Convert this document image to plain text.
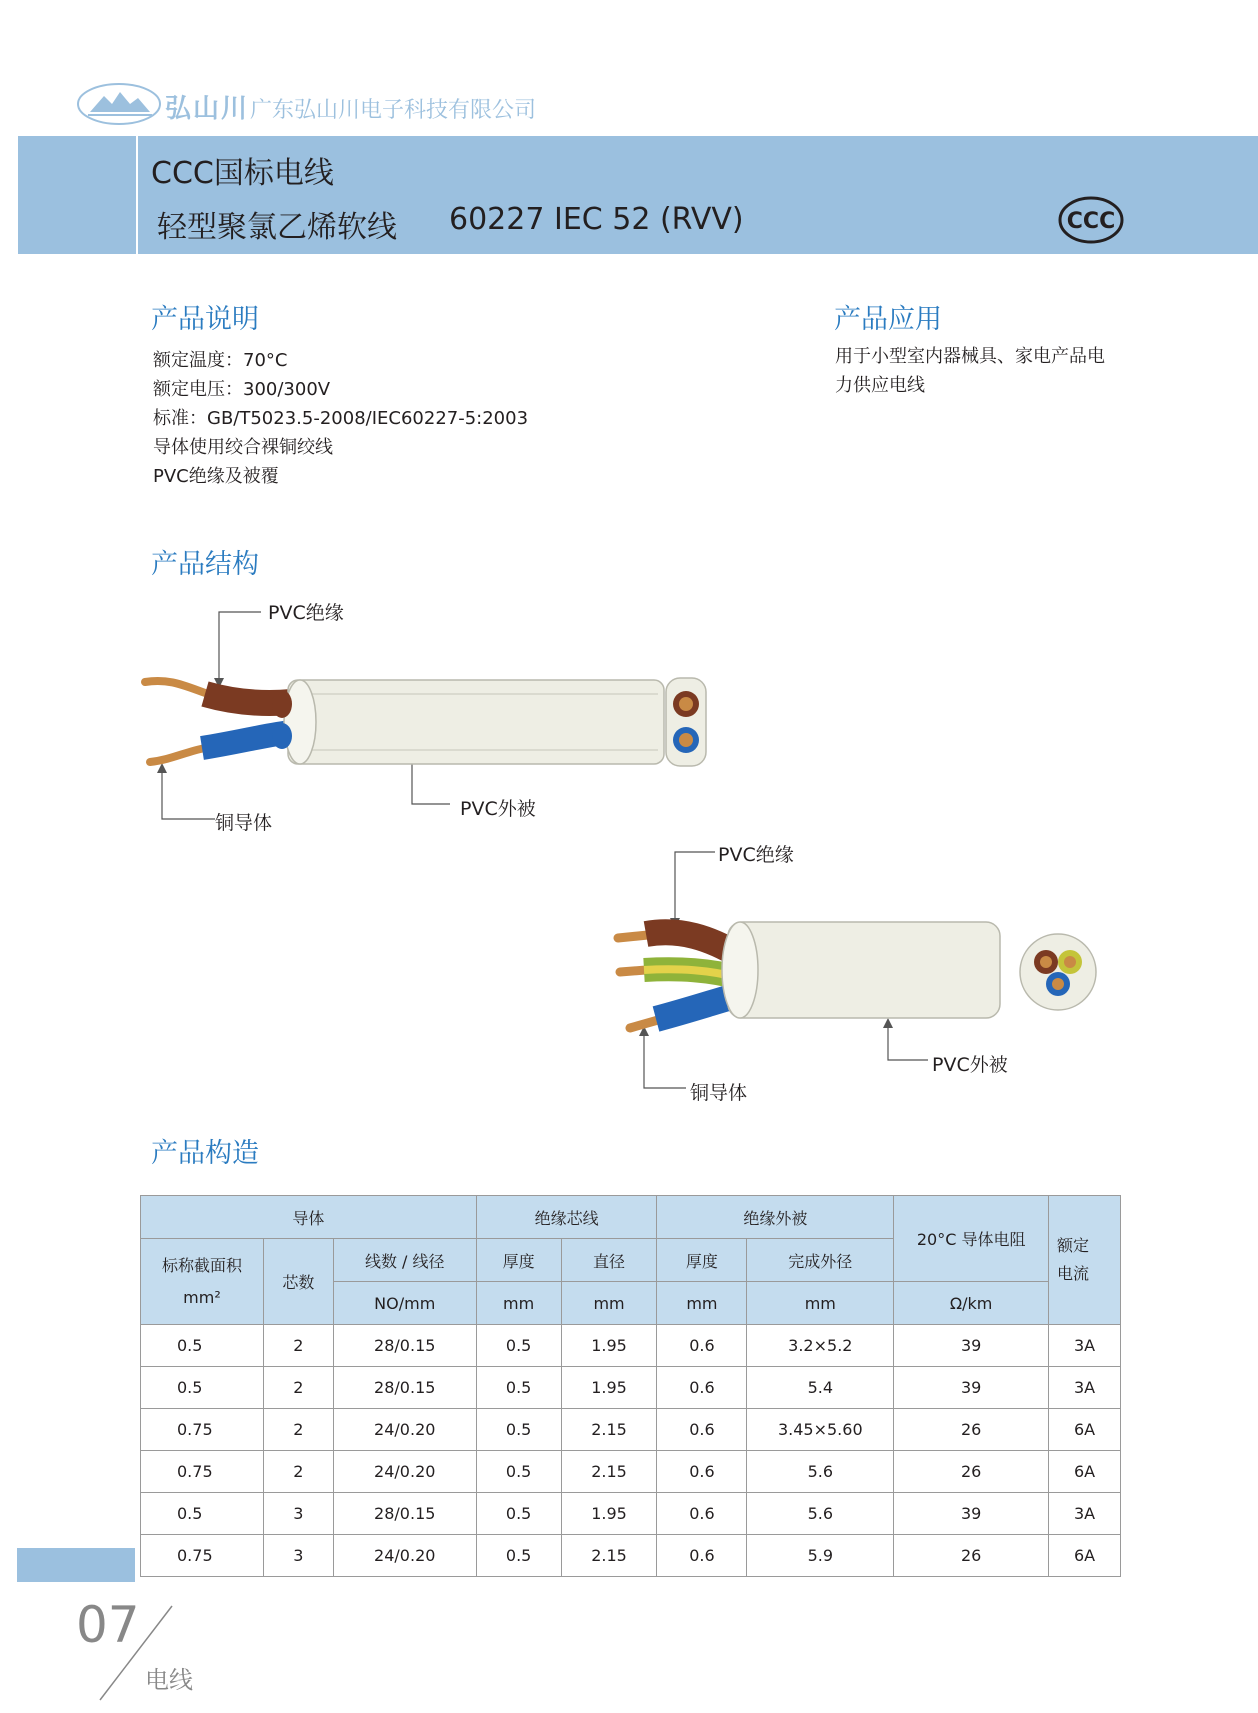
弘山川 广东弘山川电子科技有限公司
CCC国标电线
轻型聚氯乙烯软线 60227 IEC 52 (RVV)	CCC
产品说明
额定温度：70°C
额定电压：300/300V
标准：GB/T5023.5-2008/IEC60227-5:2003
导体使用绞合裸铜绞线
PVC绝缘及被覆
产品应用
用于小型室内器械具、家电产品电
力供应电线
产品结构
PVC绝缘
铜导体
PVC外被
PVC绝缘
铜导体
PVC外被
产品构造
导体			绝缘芯线		绝缘外被		20°C 导体电阻	额定
电流

标称截面积
mm²	芯数	线数 / 线径	厚度	直径	厚度	完成外径		
		NO/mm	mm	mm	mm	mm	Ω/km	
0.5	2	28/0.15	0.5	1.95	0.6	3.2×5.2	39	3A
0.5	2	28/0.15	0.5	1.95	0.6	5.4	39	3A
0.75	2	24/0.20	0.5	2.15	0.6	3.45×5.60	26	6A
0.75	2	24/0.20	0.5	2.15	0.6	5.6	26	6A
0.5	3	28/0.15	0.5	1.95	0.6	5.6	39	3A
0.75	3	24/0.20	0.5	2.15	0.6	5.9	26	6A
07
电线
